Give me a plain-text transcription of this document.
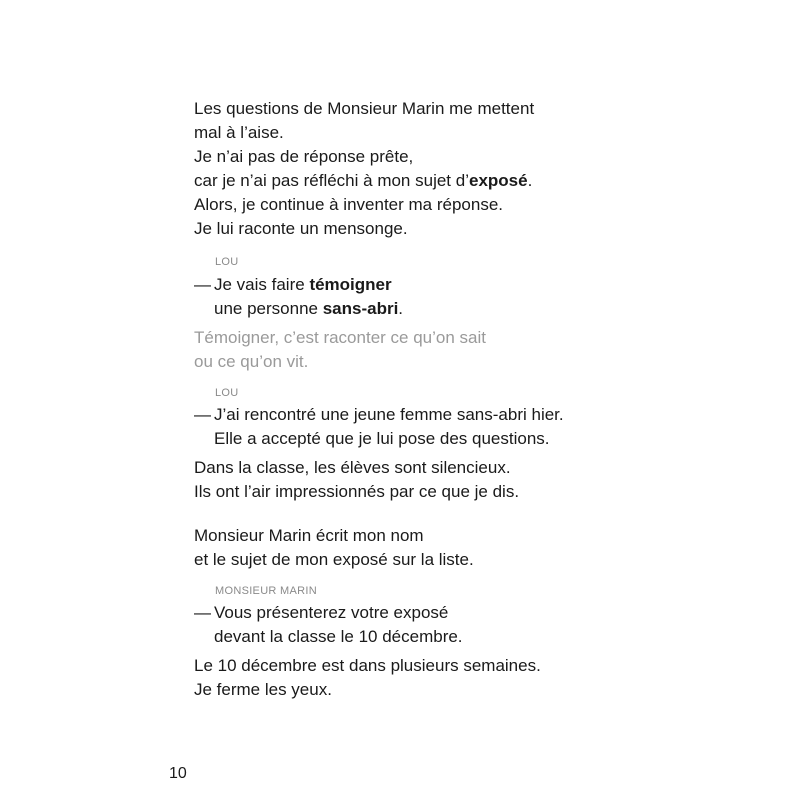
Les questions de Monsieur Marin me mettent
mal à l’aise.
Je n’ai pas de réponse prête,
car je n’ai pas réfléchi à mon sujet d’exposé.
Alors, je continue à inventer ma réponse.
Je lui raconte un mensonge.
LOU
— Je vais faire témoigner
une personne sans-abri.
Témoigner, c’est raconter ce qu’on sait
ou ce qu’on vit.
LOU
— J’ai rencontré une jeune femme sans-abri hier.
Elle a accepté que je lui pose des questions.
Dans la classe, les élèves sont silencieux.
Ils ont l’air impressionnés par ce que je dis.
Monsieur Marin écrit mon nom
et le sujet de mon exposé sur la liste.
MONSIEUR MARIN
— Vous présenterez votre exposé
devant la classe le 10 décembre.
Le 10 décembre est dans plusieurs semaines.
Je ferme les yeux.
10
